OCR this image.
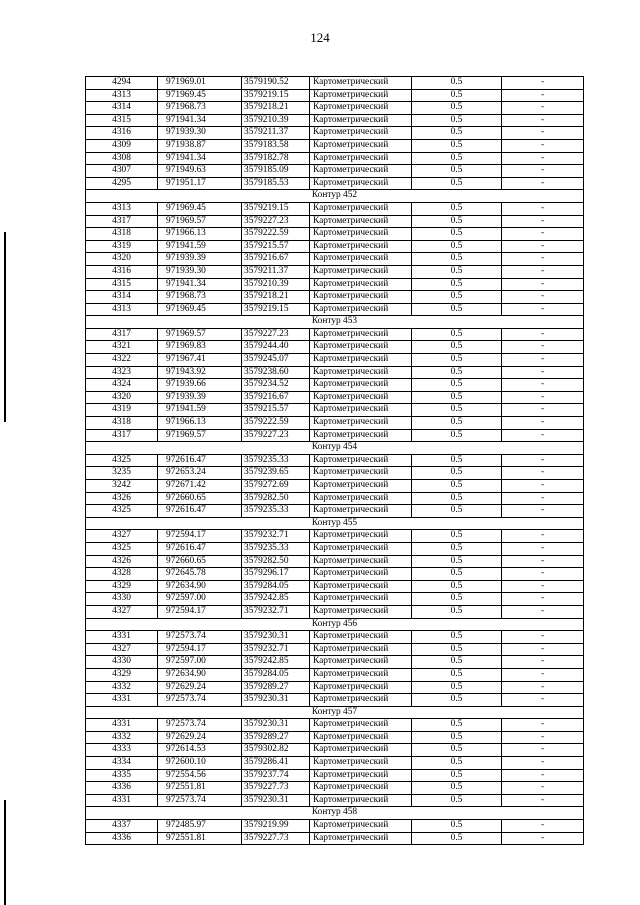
124
4294	971969.01	3579190.52	Картометрический	0.5	-
4313	971969.45	3579219.15	Картометрический	0.5	-
4314	971968.73	3579218.21	Картометрический	0.5	-
4315	971941.34	3579210.39	Картометрический	0.5	-
4316	971939.30	3579211.37	Картометрический	0.5	-
4309	971938.87	3579183.58	Картометрический	0.5	-
4308	971941.34	3579182.78	Картометрический	0.5	-
4307	971949.63	3579185.09	Картометрический	0.5	-
4295	971951.17	3579185.53	Картометрический	0.5	-
Контур 452					
4313	971969.45	3579219.15	Картометрический	0.5	-
4317	971969.57	3579227.23	Картометрический	0.5	-
4318	971966.13	3579222.59	Картометрический	0.5	-
4319	971941.59	3579215.57	Картометрический	0.5	-
4320	971939.39	3579216.67	Картометрический	0.5	-
4316	971939.30	3579211.37	Картометрический	0.5	-
4315	971941.34	3579210.39	Картометрический	0.5	-
4314	971968.73	3579218.21	Картометрический	0.5	-
4313	971969.45	3579219.15	Картометрический	0.5	-
Контур 453					
4317	971969.57	3579227.23	Картометрический	0.5	-
4321	971969.83	3579244.40	Картометрический	0.5	-
4322	971967.41	3579245.07	Картометрический	0.5	-
4323	971943.92	3579238.60	Картометрический	0.5	-
4324	971939.66	3579234.52	Картометрический	0.5	-
4320	971939.39	3579216.67	Картометрический	0.5	-
4319	971941.59	3579215.57	Картометрический	0.5	-
4318	971966.13	3579222.59	Картометрический	0.5	-
4317	971969.57	3579227.23	Картометрический	0.5	-
Контур 454					
4325	972616.47	3579235.33	Картометрический	0.5	-
3235	972653.24	3579239.65	Картометрический	0.5	-
3242	972671.42	3579272.69	Картометрический	0.5	-
4326	972660.65	3579282.50	Картометрический	0.5	-
4325	972616.47	3579235.33	Картометрический	0.5	-
Контур 455					
4327	972594.17	3579232.71	Картометрический	0.5	-
4325	972616.47	3579235.33	Картометрический	0.5	-
4326	972660.65	3579282.50	Картометрический	0.5	-
4328	972645.78	3579296.17	Картометрический	0.5	-
4329	972634.90	3579284.05	Картометрический	0.5	-
4330	972597.00	3579242.85	Картометрический	0.5	-
4327	972594.17	3579232.71	Картометрический	0.5	-
Контур 456					
4331	972573.74	3579230.31	Картометрический	0.5	-
4327	972594.17	3579232.71	Картометрический	0.5	-
4330	972597.00	3579242.85	Картометрический	0.5	-
4329	972634.90	3579284.05	Картометрический	0.5	-
4332	972629.24	3579289.27	Картометрический	0.5	-
4331	972573.74	3579230.31	Картометрический	0.5	-
Контур 457					
4331	972573.74	3579230.31	Картометрический	0.5	-
4332	972629.24	3579289.27	Картометрический	0.5	-
4333	972614.53	3579302.82	Картометрический	0.5	-
4334	972600.10	3579286.41	Картометрический	0.5	-
4335	972554.56	3579237.74	Картометрический	0.5	-
4336	972551.81	3579227.73	Картометрический	0.5	-
4331	972573.74	3579230.31	Картометрический	0.5	-
Контур 458					
4337	972485.97	3579219.99	Картометрический	0.5	-
4336	972551.81	3579227.73	Картометрический	0.5	-
